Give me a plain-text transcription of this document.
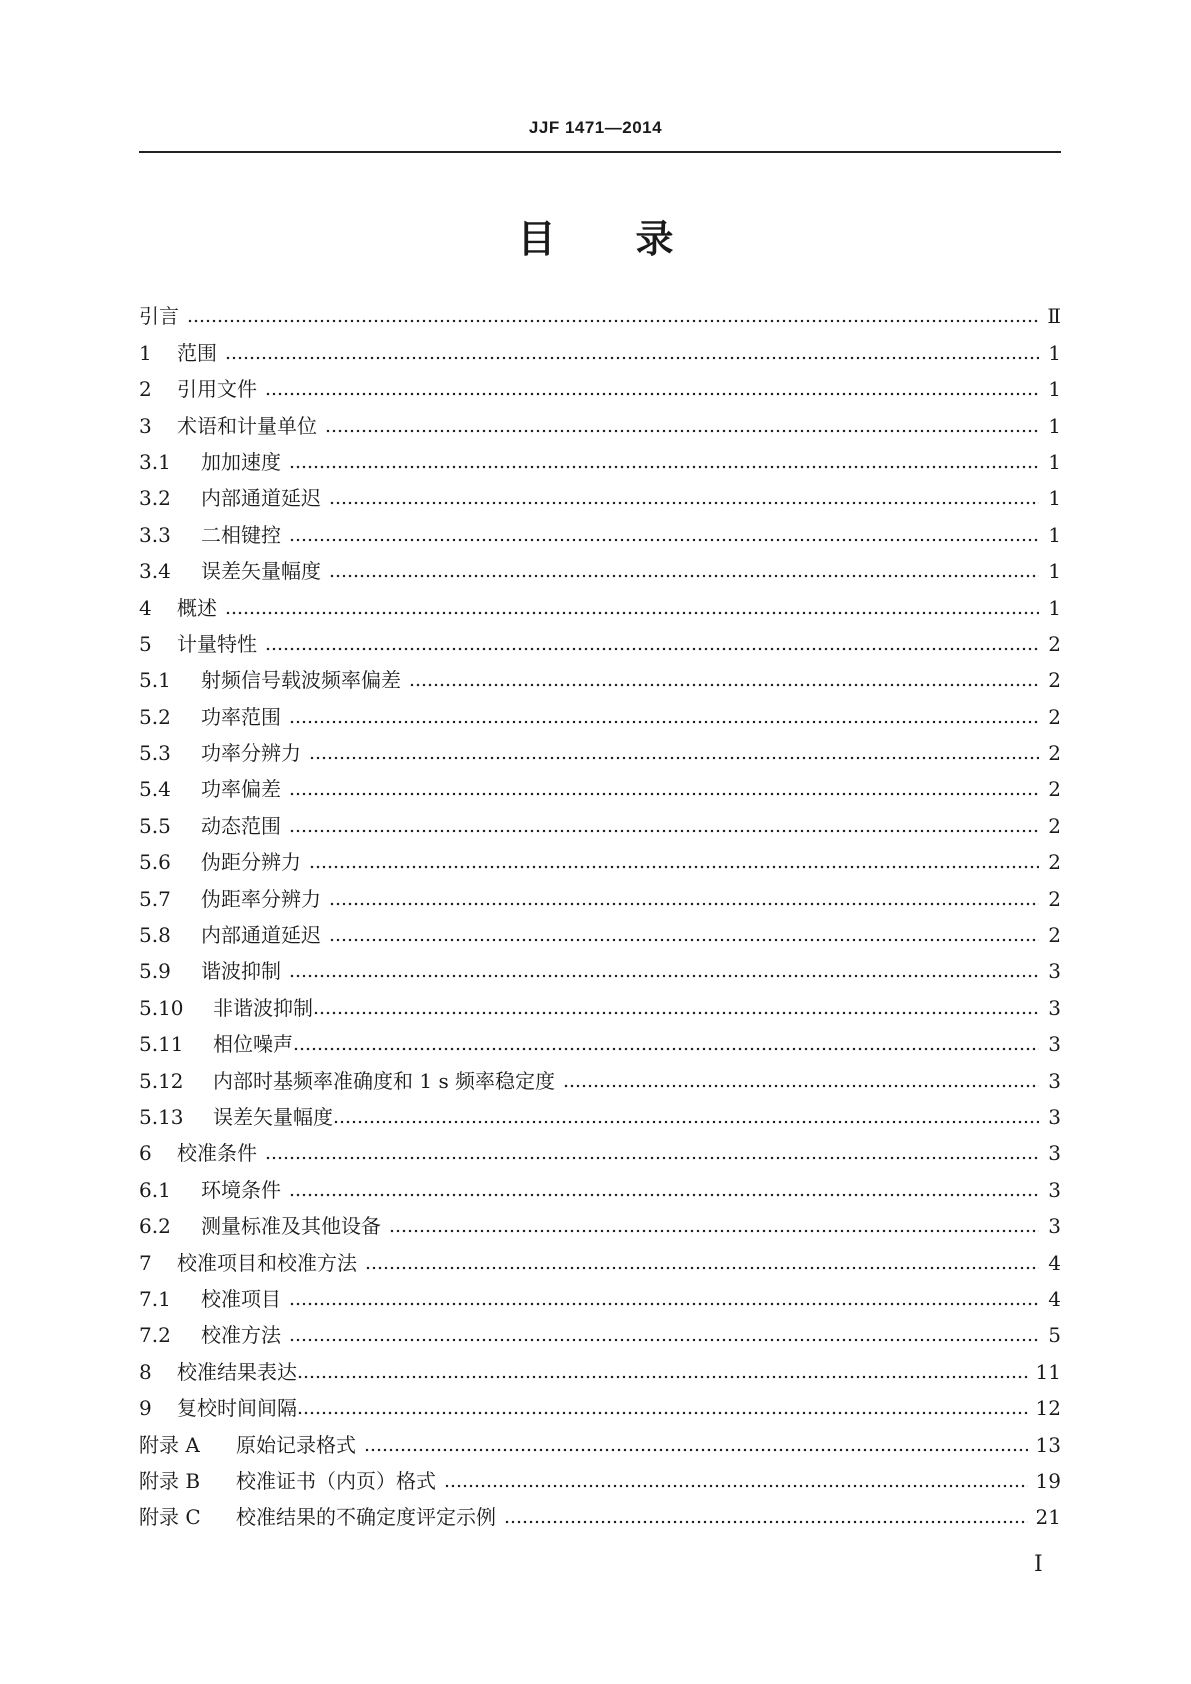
JJF 1471—2014
目 录
引言	Ⅱ
1	范围	1
2	引用文件	1
3	术语和计量单位	1
3.1	加加速度	1
3.2	内部通道延迟	1
3.3	二相键控	1
3.4	误差矢量幅度	1
4	概述	1
5	计量特性	2
5.1	射频信号载波频率偏差	2
5.2	功率范围	2
5.3	功率分辨力	2
5.4	功率偏差	2
5.5	动态范围	2
5.6	伪距分辨力	2
5.7	伪距率分辨力	2
5.8	内部通道延迟	2
5.9	谐波抑制	3
5.10	非谐波抑制	3
5.11	相位噪声	3
5.12	内部时基频率准确度和 1 s 频率稳定度	3
5.13	误差矢量幅度	3
6	校准条件	3
6.1	环境条件	3
6.2	测量标准及其他设备	3
7	校准项目和校准方法	4
7.1	校准项目	4
7.2	校准方法	5
8	校准结果表达	11
9	复校时间间隔	12
附录 A	原始记录格式	13
附录 B	校准证书（内页）格式	19
附录 C	校准结果的不确定度评定示例	21
I
